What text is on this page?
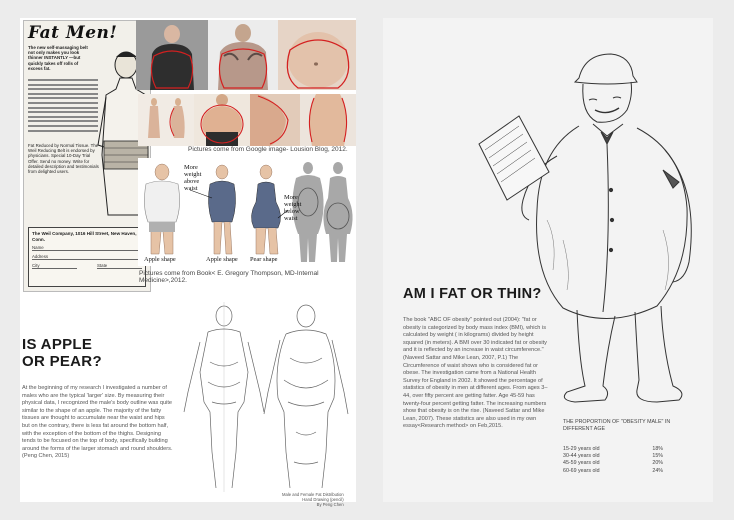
Fat Men!
The new self-massaging belt not only makes you look thinner INSTANTLY —but quickly takes off rolls of excess fat.
Fat Reduced by Normal Tissue. The Weil Reducing Belt is endorsed by physicians. Special 10-Day Trial Offer. Send no money. Write for detailed description and testimonials from delighted users.
The Weil Company, 1016 Hill Street, New Haven, Conn.
Name
Address
City	State
Pictures come from Google image- Lousion Blog, 2012.
More weight above waist
More weight below waist
Apple shape	Apple shape Pear shape
Pictures come from Book< E. Gregory Thompson, MD-Internal Medicine>,2012.
IS APPLE
OR PEAR?
At the beginning of my research I investigated a number of males who are the typical 'larger' size. By measuring their physical data, I recognized the male's body outline was quite similar to the shape of an apple. The majority of the fatty tissues are thought to accumulate near the waist and hips but on the contrary, there is less fat around the bottom half, with the exception of the bottom of the thighs. Designing tends to be focused on the top of body, specifically building around the forms of the larger stomach and round shoulders. (Peng Chen, 2015)
Male and Female Fat Distribution
Hand Drawing (pencil)
By Peng Chen
AM I FAT OR THIN?
The book "ABC OF obesity" pointed out (2004): "fat or obesity is categorized by body mass index (BMI), which is calculated by weight ( in kilograms) divided by height squared (in meters). A BMI over 30 indicated fat or obesity and it is reflected by an increase in waist circumference." (Naveed Sattar and Mike Lean, 2007, P.1) The Circumference of waist shows who is considered fat or obese. The investigation came from a National Health Survey for England in 2002. It showed the percentage of statistics of obesity in men at different ages. From ages 3–44, over fifty percent are getting fatter. Age 45-59 has twenty-four percent getting fatter. The increasing numbers show that obesity is on the rise. (Naveed Sattar and Mike Lean, 2007). These statistics are also used in my own essay<Research method> on Feb,2015.
THE PROPORTION OF "OBESITY MALE" IN DIFFERENT AGE
15-29 years old	18%
30-44 years old	15%
45-59 years old	20%
60-69 years old	24%
